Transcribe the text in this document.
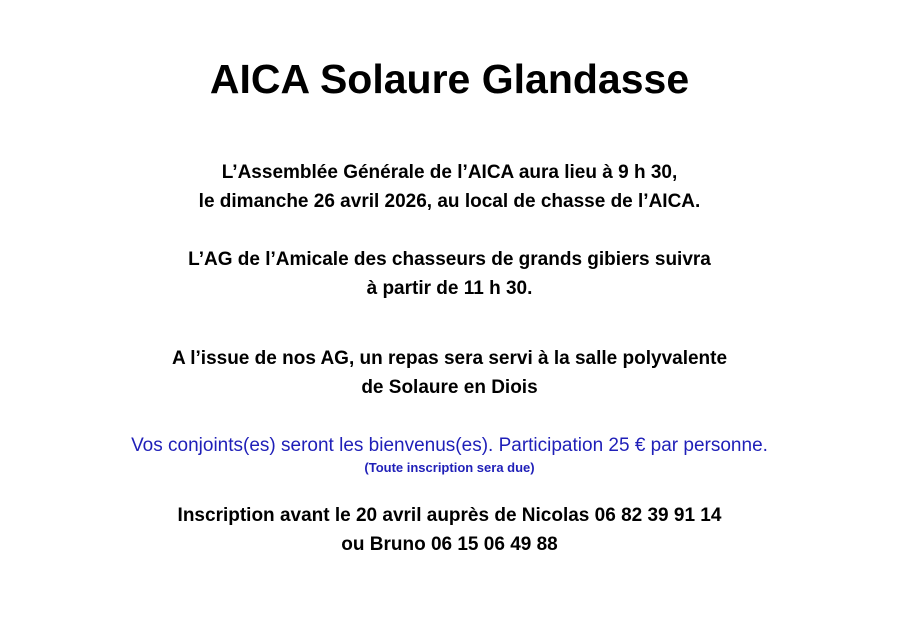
AICA Solaure Glandasse
L’Assemblée Générale de l’AICA aura lieu à 9 h 30,
le dimanche 26 avril 2026, au local de chasse de l’AICA.
L’AG de l’Amicale des chasseurs de grands gibiers suivra
à partir de 11 h 30.
A l’issue de nos AG, un repas sera servi à la salle polyvalente
de Solaure en Diois
Vos conjoints(es) seront les bienvenus(es). Participation 25 € par personne.
(Toute inscription sera due)
Inscription avant le 20 avril auprès de Nicolas 06 82 39 91 14
ou Bruno 06 15 06 49 88
